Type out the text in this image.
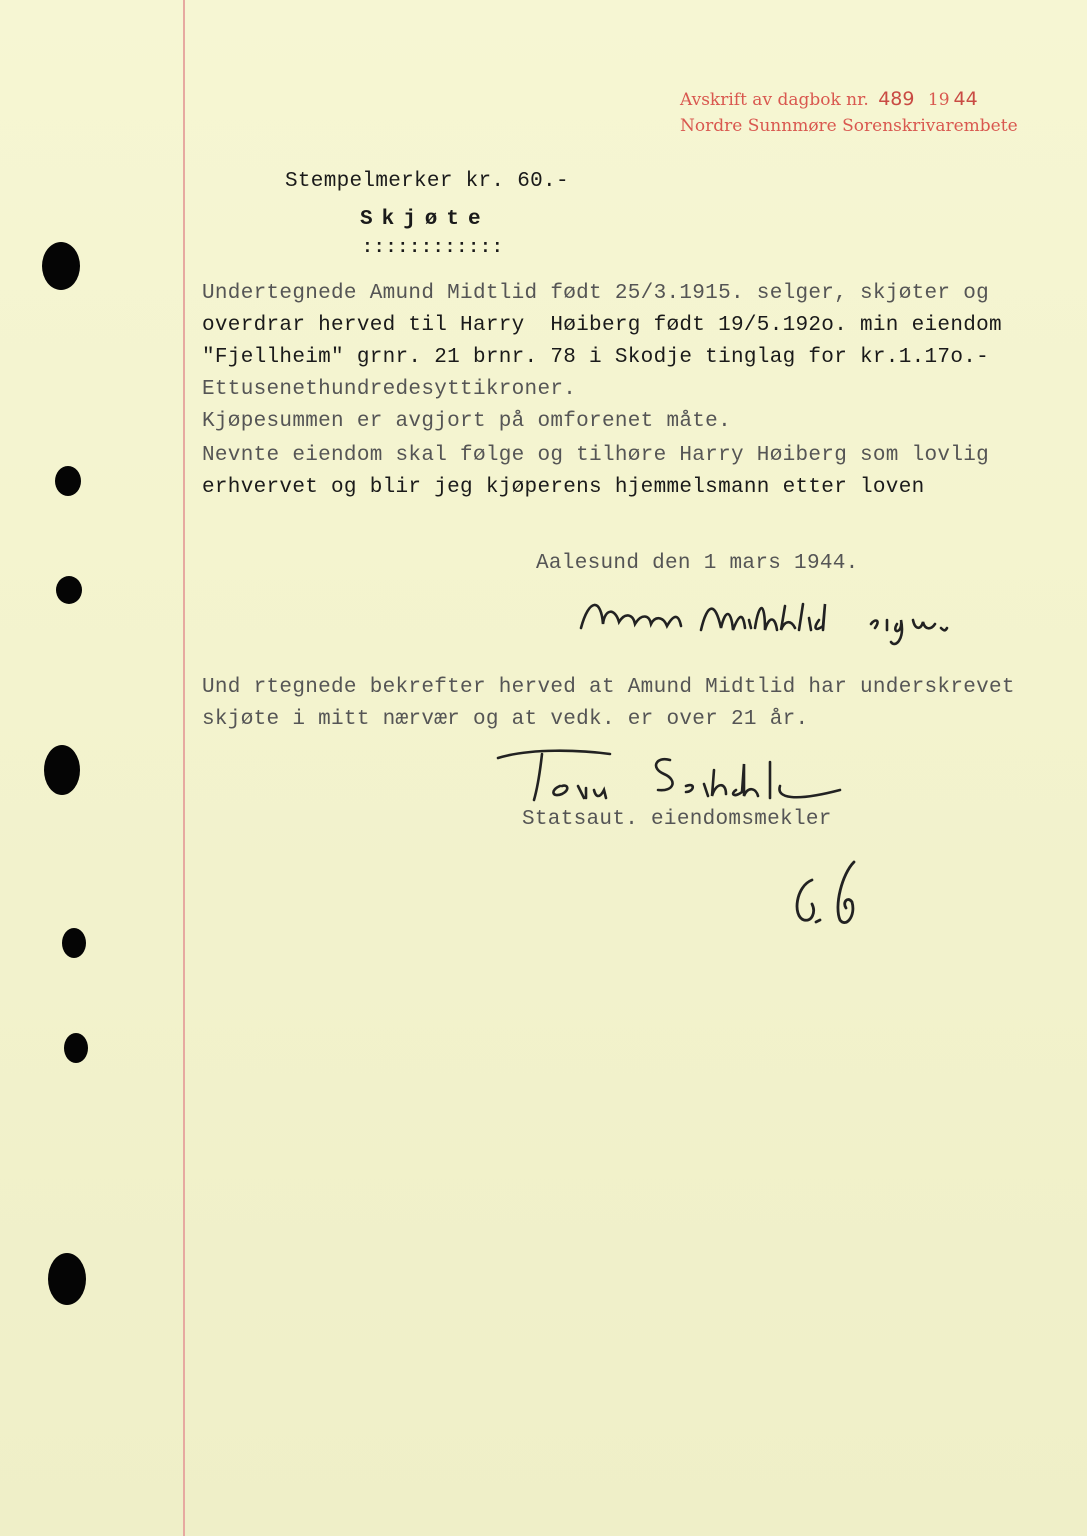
Avskrift av dagbok nr. 489 19 44
Nordre Sunnmøre Sorenskrivarembete
Stempelmerker kr. 60.-
Skjøte
::::::::::::
Undertegnede Amund Midtlid født 25/3.1915. selger, skjøter og
overdrar herved til Harry  Høiberg født 19/5.192o. min eiendom
"Fjellheim" grnr. 21 brnr. 78 i Skodje tinglag for kr.1.17o.-
Ettusenethundredesyttikroner.
Kjøpesummen er avgjort på omforenet måte.
Nevnte eiendom skal følge og tilhøre Harry Høiberg som lovlig
erhvervet og blir jeg kjøperens hjemmelsmann etter loven
Aalesund den 1 mars 1944.
Und rtegnede bekrefter herved at Amund Midtlid har underskrevet
skjøte i mitt nærvær og at vedk. er over 21 år.
Statsaut. eiendomsmekler
